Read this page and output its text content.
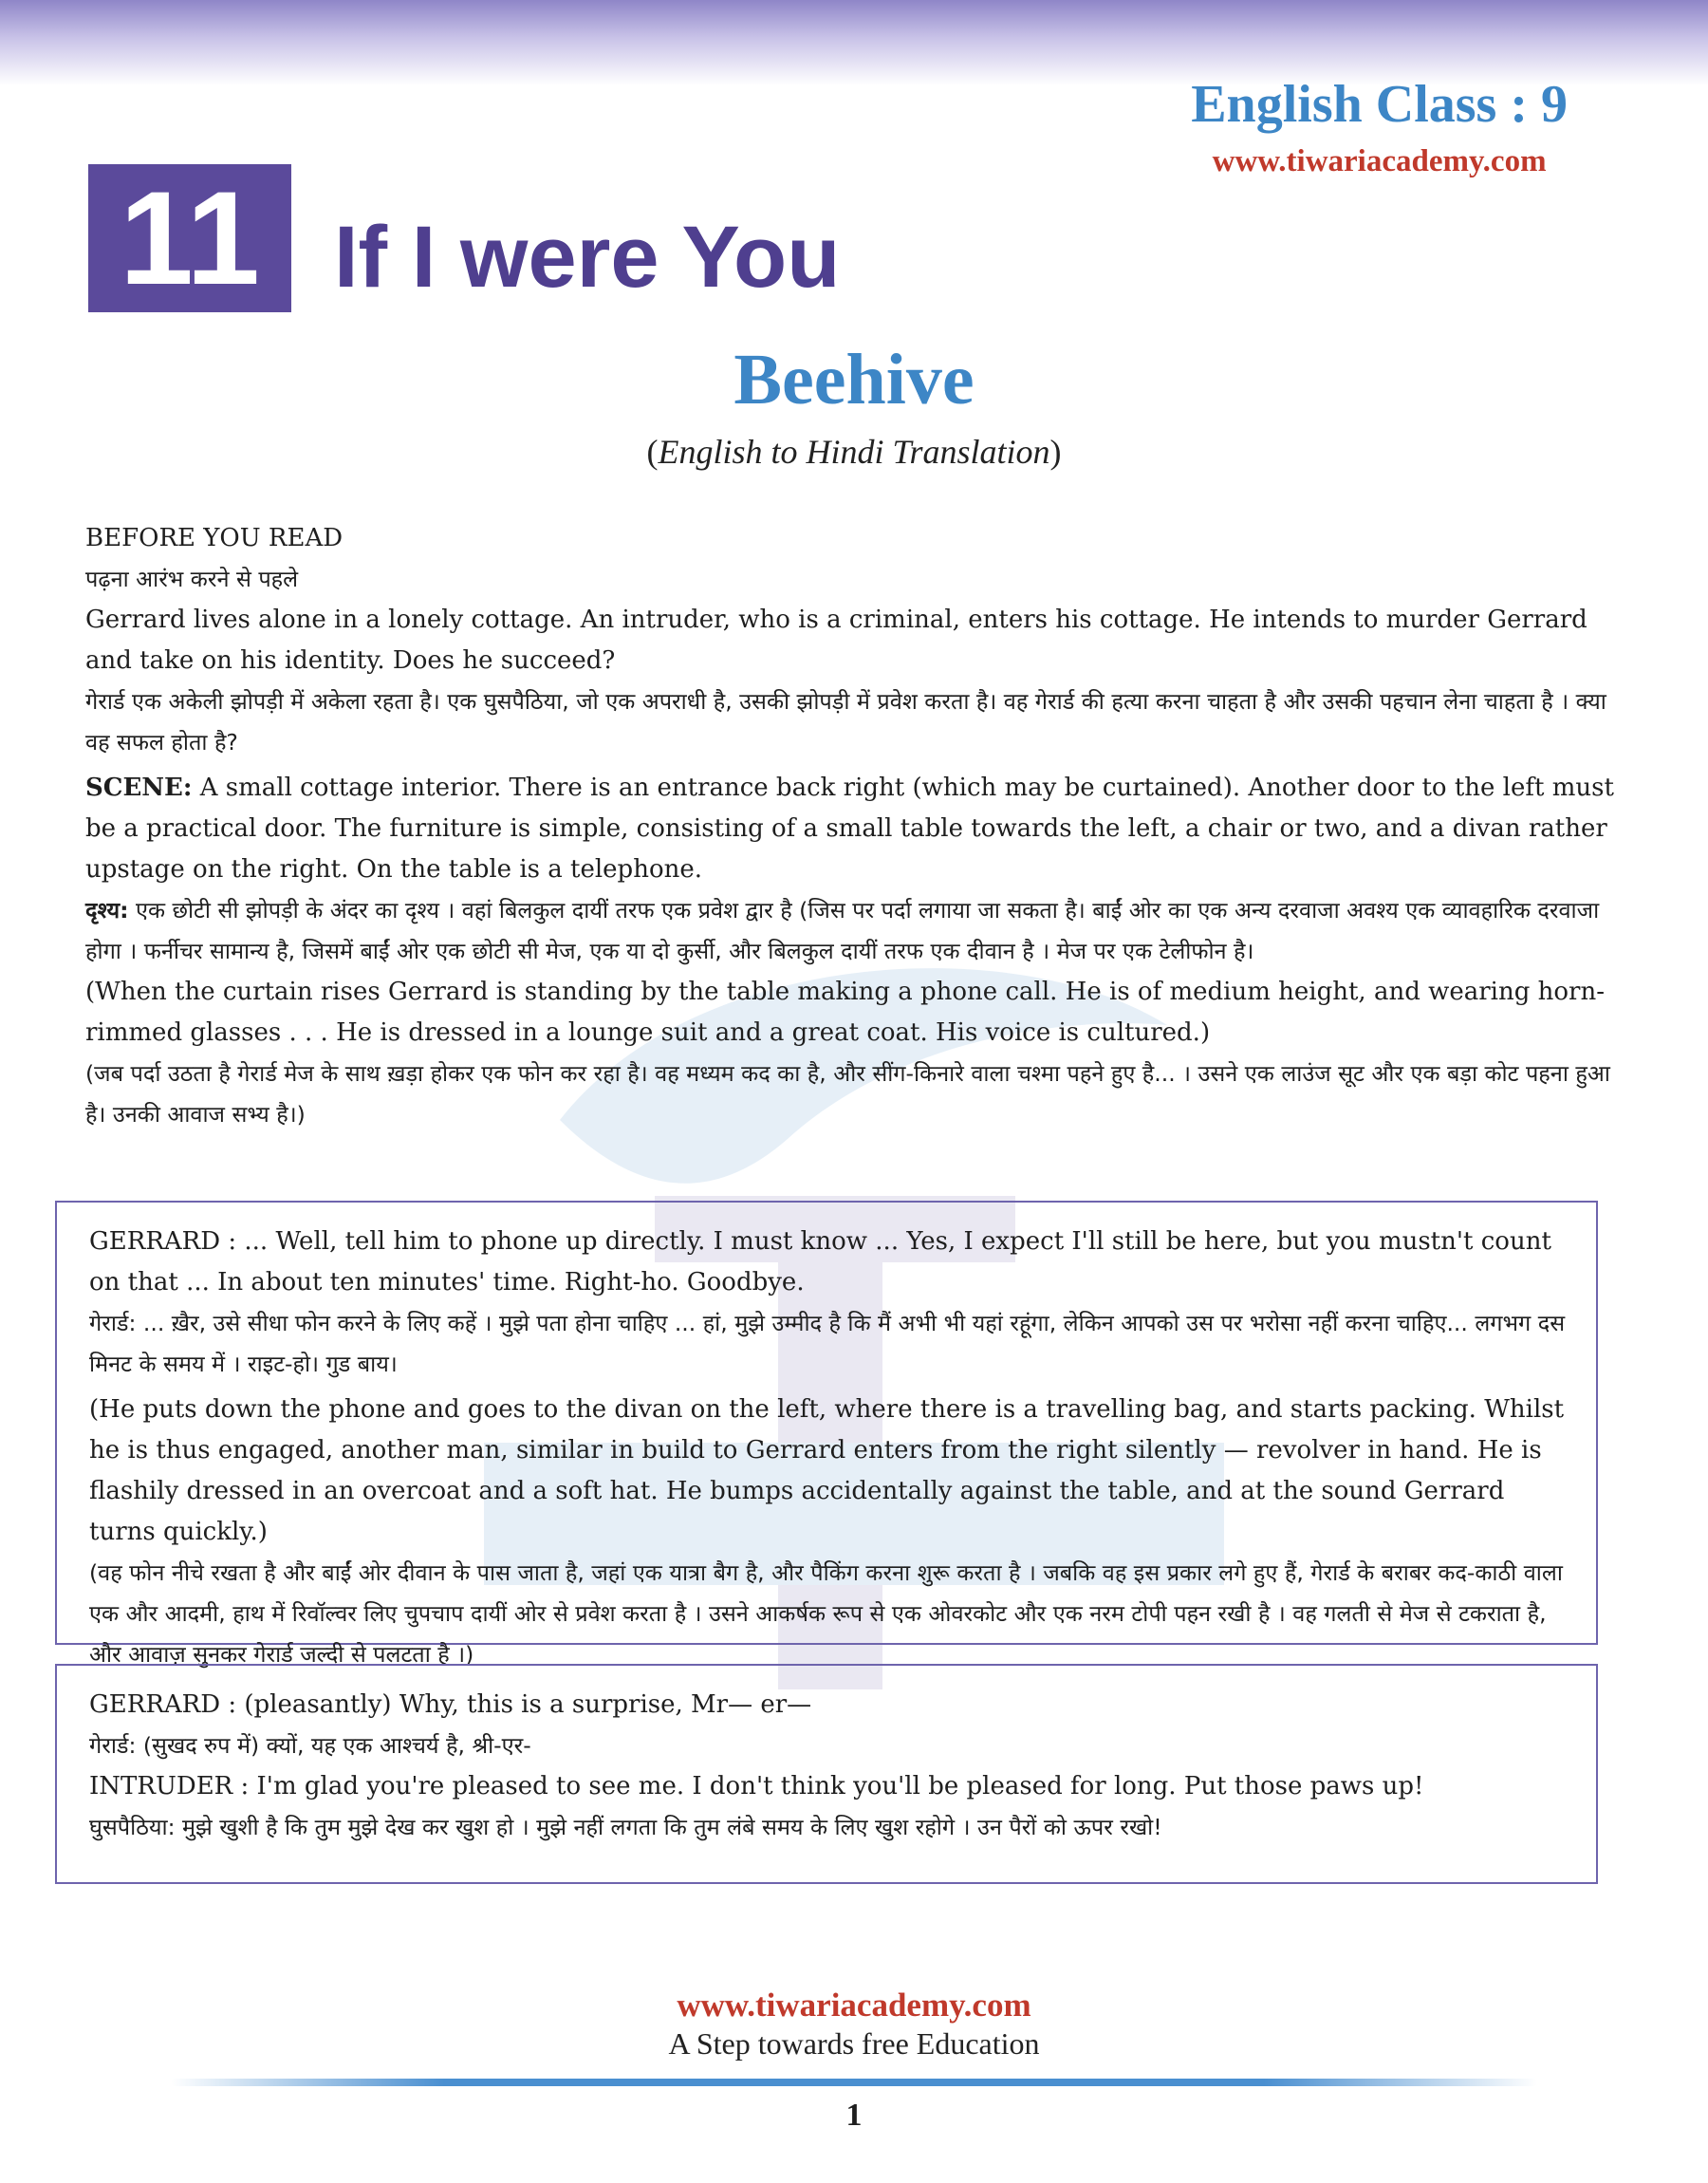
English Class : 9
www.tiwariacademy.com
11 If I were You
Beehive
(English to Hindi Translation)

BEFORE YOU READ

पढ़ना आरंभ करने से पहले

Gerrard lives alone in a lonely cottage. An intruder, who is a criminal, enters his cottage. He intends to murder Gerrard and take on his identity. Does he succeed?

गेरार्ड एक अकेली झोपड़ी में अकेला रहता है। एक घुसपैठिया, जो एक अपराधी है, उसकी झोपड़ी में प्रवेश करता है। वह गेरार्ड की हत्या करना चाहता है और उसकी पहचान लेना चाहता है । क्या वह सफल होता है?

SCENE: A small cottage interior. There is an entrance back right (which may be curtained). Another door to the left must be a practical door. The furniture is simple, consisting of a small table towards the left, a chair or two, and a divan rather upstage on the right. On the table is a telephone.

दृश्य: एक छोटी सी झोपड़ी के अंदर का दृश्य । वहां बिलकुल दायीं तरफ एक प्रवेश द्वार है (जिस पर पर्दा लगाया जा सकता है। बाईं ओर का एक अन्य दरवाजा अवश्य एक व्यावहारिक दरवाजा होगा । फर्नीचर सामान्य है, जिसमें बाईं ओर एक छोटी सी मेज, एक या दो कुर्सी, और बिलकुल दायीं तरफ एक दीवान है । मेज पर एक टेलीफोन है।

(When the curtain rises Gerrard is standing by the table making a phone call. He is of medium height, and wearing horn-rimmed glasses . . . He is dressed in a lounge suit and a great coat. His voice is cultured.)

(जब पर्दा उठता है गेरार्ड मेज के साथ ख़ड़ा होकर एक फोन कर रहा है। वह मध्यम कद का है, और सींग-किनारे वाला चश्मा पहने हुए है... । उसने एक लाउंज सूट और एक बड़ा कोट पहना हुआ है। उनकी आवाज सभ्य है।)

GERRARD : ... Well, tell him to phone up directly. I must know ... Yes, I expect I'll still be here, but you mustn't count on that ... In about ten minutes' time. Right-ho. Goodbye.

गेरार्ड: ... ख़ैर, उसे सीधा फोन करने के लिए कहें । मुझे पता होना चाहिए ... हां, मुझे उम्मीद है कि मैं अभी भी यहां रहूंगा, लेकिन आपको उस पर भरोसा नहीं करना चाहिए... लगभग दस मिनट के समय में । राइट-हो। गुड बाय।

(He puts down the phone and goes to the divan on the left, where there is a travelling bag, and starts packing. Whilst he is thus engaged, another man, similar in build to Gerrard enters from the right silently — revolver in hand. He is flashily dressed in an overcoat and a soft hat. He bumps accidentally against the table, and at the sound Gerrard turns quickly.)

(वह फोन नीचे रखता है और बाईं ओर दीवान के पास जाता है, जहां एक यात्रा बैग है, और पैकिंग करना शुरू करता है । जबकि वह इस प्रकार लगे हुए हैं, गेरार्ड के बराबर कद-काठी वाला एक और आदमी, हाथ में रिवॉल्वर लिए चुपचाप दायीं ओर से प्रवेश करता है । उसने आकर्षक रूप से एक ओवरकोट और एक नरम टोपी पहन रखी है । वह गलती से मेज से टकराता है, और आवाज़ सुनकर गेरार्ड जल्दी से पलटता है ।)

GERRARD : (pleasantly) Why, this is a surprise, Mr— er—

गेरार्ड: (सुखद रुप में) क्यों, यह एक आश्चर्य है, श्री-एर-

INTRUDER : I'm glad you're pleased to see me. I don't think you'll be pleased for long. Put those paws up!

घुसपैठिया: मुझे खुशी है कि तुम मुझे देख कर खुश हो । मुझे नहीं लगता कि तुम लंबे समय के लिए खुश रहोगे । उन पैरों को ऊपर रखो!

www.tiwariacademy.com
A Step towards free Education
1
